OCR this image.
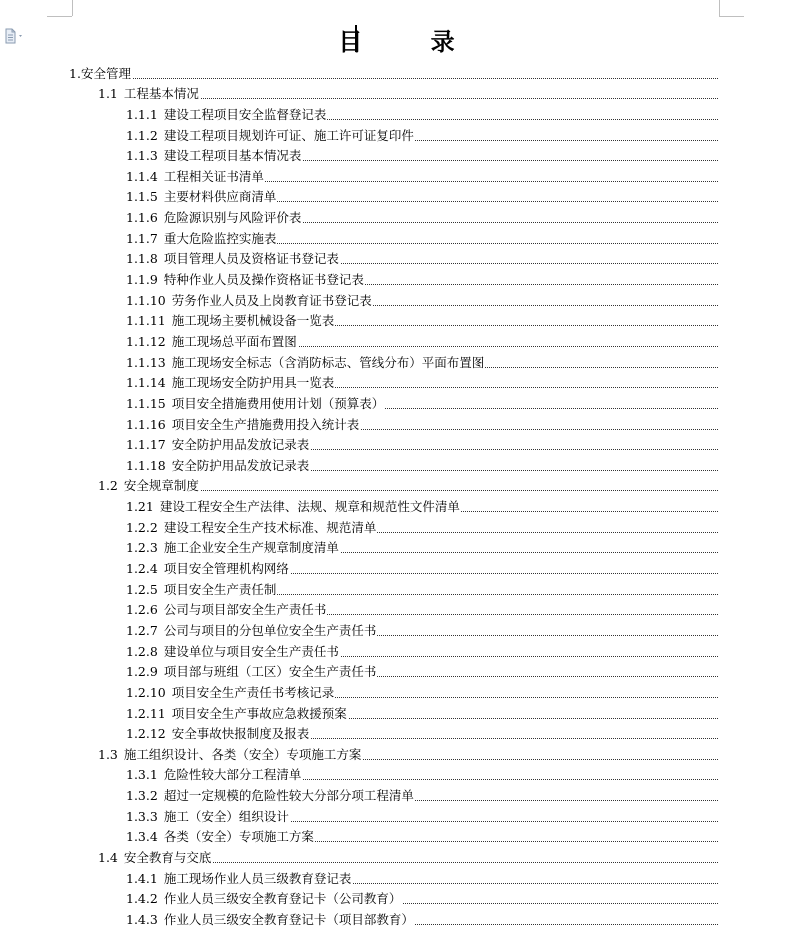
目 录
1.安全管理
1.1 工程基本情况
1.1.1 建设工程项目安全监督登记表
1.1.2 建设工程项目规划许可证、施工许可证复印件
1.1.3 建设工程项目基本情况表
1.1.4 工程相关证书清单
1.1.5 主要材料供应商清单
1.1.6 危险源识别与风险评价表
1.1.7 重大危险监控实施表
1.1.8 项目管理人员及资格证书登记表
1.1.9 特种作业人员及操作资格证书登记表
1.1.10 劳务作业人员及上岗教育证书登记表
1.1.11 施工现场主要机械设备一览表
1.1.12 施工现场总平面布置图
1.1.13 施工现场安全标志（含消防标志、管线分布）平面布置图
1.1.14 施工现场安全防护用具一览表
1.1.15 项目安全措施费用使用计划（预算表）
1.1.16 项目安全生产措施费用投入统计表
1.1.17 安全防护用品发放记录表
1.1.18 安全防护用品发放记录表
1.2 安全规章制度
1.21 建设工程安全生产法律、法规、规章和规范性文件清单
1.2.2 建设工程安全生产技术标准、规范清单
1.2.3 施工企业安全生产规章制度清单
1.2.4 项目安全管理机构网络
1.2.5 项目安全生产责任制
1.2.6 公司与项目部安全生产责任书
1.2.7 公司与项目的分包单位安全生产责任书
1.2.8 建设单位与项目安全生产责任书
1.2.9 项目部与班组（工区）安全生产责任书
1.2.10 项目安全生产责任书考核记录
1.2.11 项目安全生产事故应急救援预案
1.2.12 安全事故快报制度及报表
1.3 施工组织设计、各类（安全）专项施工方案
1.3.1 危险性较大部分工程清单
1.3.2 超过一定规模的危险性较大分部分项工程清单
1.3.3 施工（安全）组织设计
1.3.4 各类（安全）专项施工方案
1.4 安全教育与交底
1.4.1 施工现场作业人员三级教育登记表
1.4.2 作业人员三级安全教育登记卡（公司教育）
1.4.3 作业人员三级安全教育登记卡（项目部教育）
